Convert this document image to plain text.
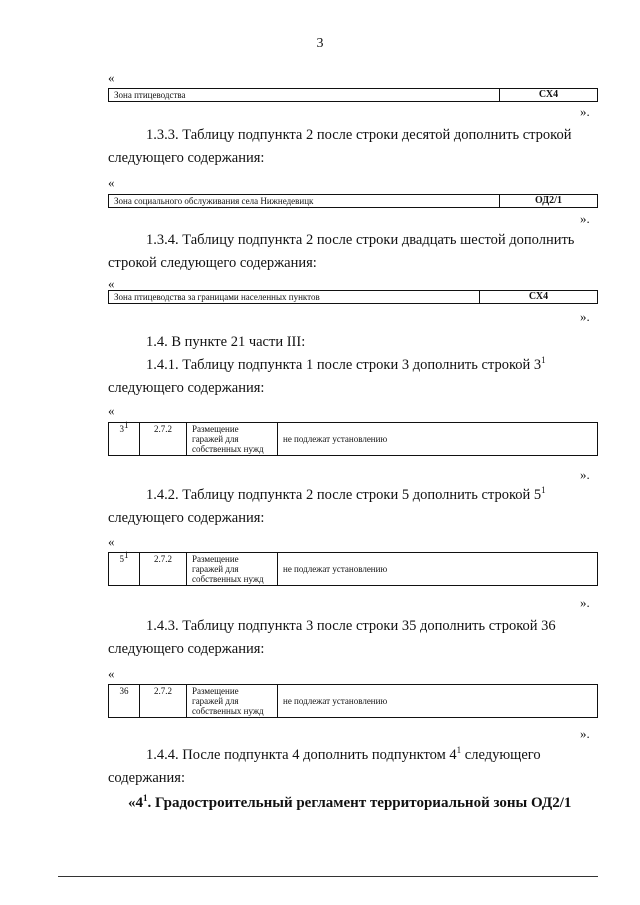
3
«
Зона птицеводства	СХ4
».
1.3.3. Таблицу подпункта 2 после строки десятой дополнить строкой
следующего содержания:
«
Зона социального обслуживания села Нижнедевицк	ОД2/1
».
1.3.4. Таблицу подпункта 2 после строки двадцать шестой дополнить
строкой следующего содержания:
«
Зона птицеводства за границами населенных пунктов	СХ4
».
1.4. В пункте 21 части III:
1.4.1. Таблицу подпункта 1 после строки 3 дополнить строкой $3^1$
следующего содержания:
«
$3^1$	2.7.2	Размещение
гаражей для
собственных нужд
	не подлежат установлению
».
1.4.2. Таблицу подпункта 2 после строки 5 дополнить строкой $5^1$
следующего содержания:
«
$5^1$	2.7.2	Размещение
гаражей для
собственных нужд
	не подлежат установлению
».
1.4.3. Таблицу подпункта 3 после строки 35 дополнить строкой 36
следующего содержания:
«
36	2.7.2	Размещение
гаражей для
собственных нужд
	не подлежат установлению
».
1.4.4. После подпункта 4 дополнить подпунктом $4^1$ следующего
содержания:
«$4^1$. Градостроительный регламент территориальной зоны ОД2/1
